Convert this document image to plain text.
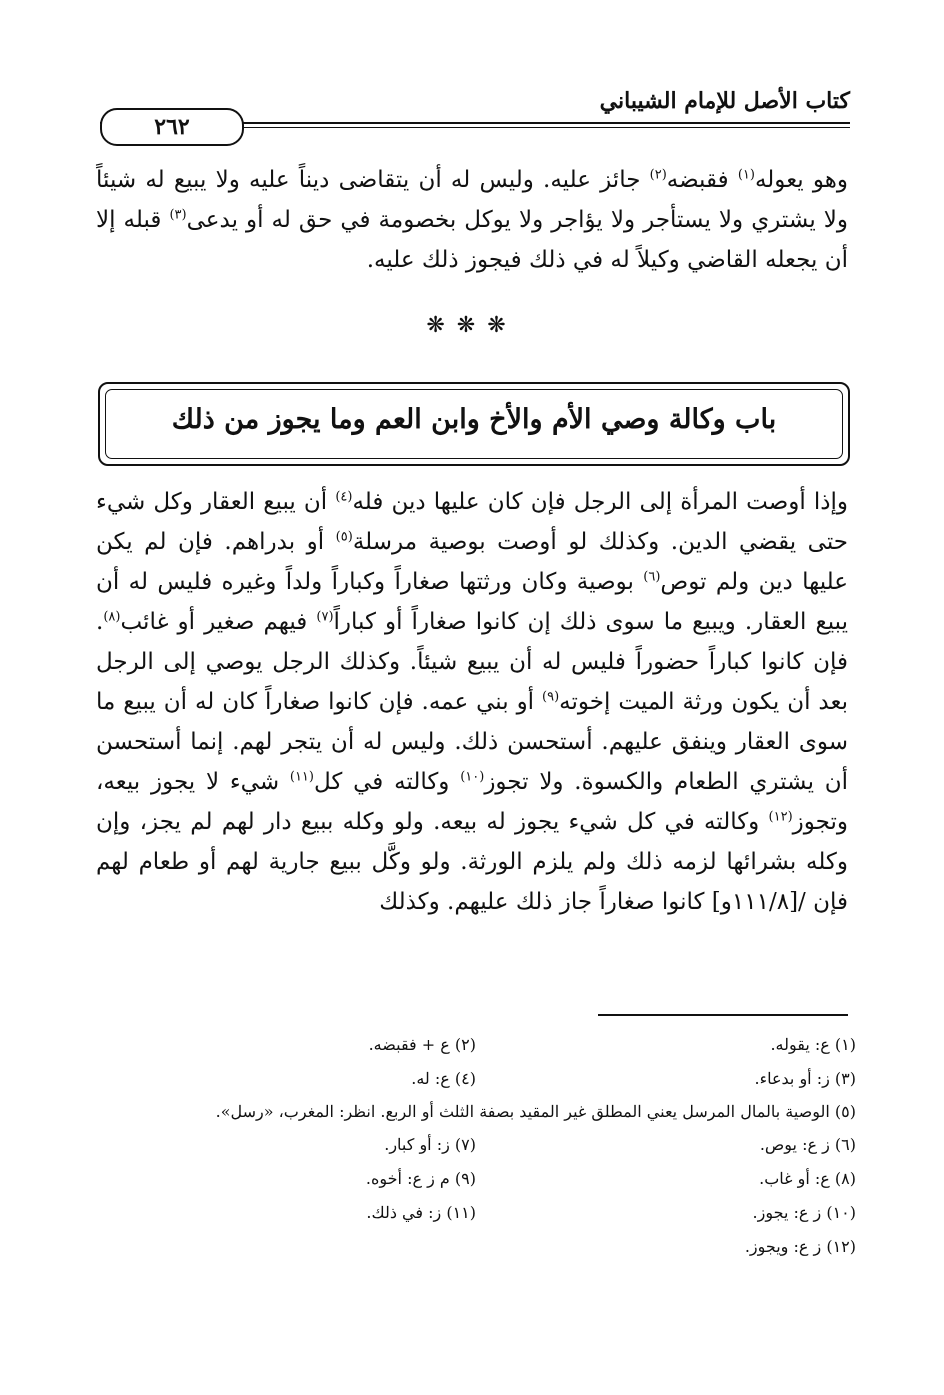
كتاب الأصل للإمام الشيباني
٢٦٢
وهو يعوله$^{(١)}$ فقبضه$^{(٢)}$ جائز عليه. وليس له أن يتقاضى ديناً عليه ولا يبيع له شيئاً ولا يشتري ولا يستأجر ولا يؤاجر ولا يوكل بخصومة في حق له أو يدعى$^{(٣)}$ قبله إلا أن يجعله القاضي وكيلاً له في ذلك فيجوز ذلك عليه.
❋❋❋
باب وكالة وصي الأم والأخ وابن العم وما يجوز من ذلك
وإذا أوصت المرأة إلى الرجل فإن كان عليها دين فله$^{(٤)}$ أن يبيع العقار وكل شيء حتى يقضي الدين. وكذلك لو أوصت بوصية مرسلة$^{(٥)}$ أو بدراهم. فإن لم يكن عليها دين ولم توص$^{(٦)}$ بوصية وكان ورثتها صغاراً وكباراً ولداً وغيره فليس له أن يبيع العقار. ويبيع ما سوى ذلك إن كانوا صغاراً أو كباراً$^{(٧)}$ فيهم صغير أو غائب$^{(٨)}$. فإن كانوا كباراً حضوراً فليس له أن يبيع شيئاً. وكذلك الرجل يوصي إلى الرجل بعد أن يكون ورثة الميت إخوته$^{(٩)}$ أو بني عمه. فإن كانوا صغاراً كان له أن يبيع ما سوى العقار وينفق عليهم. أستحسن ذلك. وليس له أن يتجر لهم. إنما أستحسن أن يشتري الطعام والكسوة. ولا تجوز$^{(١٠)}$ وكالته في كل$^{(١١)}$ شيء لا يجوز بيعه، وتجوز$^{(١٢)}$ وكالته في كل شيء يجوز له بيعه. ولو وكله ببيع دار لهم لم يجز، وإن وكله بشرائها لزمه ذلك ولم يلزم الورثة. ولو وكَّل ببيع جارية لهم أو طعام لهم فإن /[١١١/٨و] كانوا صغاراً جاز ذلك عليهم. وكذلك
(١) ع: يقوله.
(٢) ع + فقبضه.
(٣) ز: أو بدعاء.
(٤) ع: له.
(٥) الوصية بالمال المرسل يعني المطلق غير المقيد بصفة الثلث أو الربع. انظر: المغرب، «رسل».
(٦) ز ع: يوص.
(٧) ز: أو كبار.
(٨) ع: أو غاب.
(٩) م ز ع: أخوه.
(١٠) ز ع: يجوز.
(١١) ز: في ذلك.
(١٢) ز ع: ويجوز.
